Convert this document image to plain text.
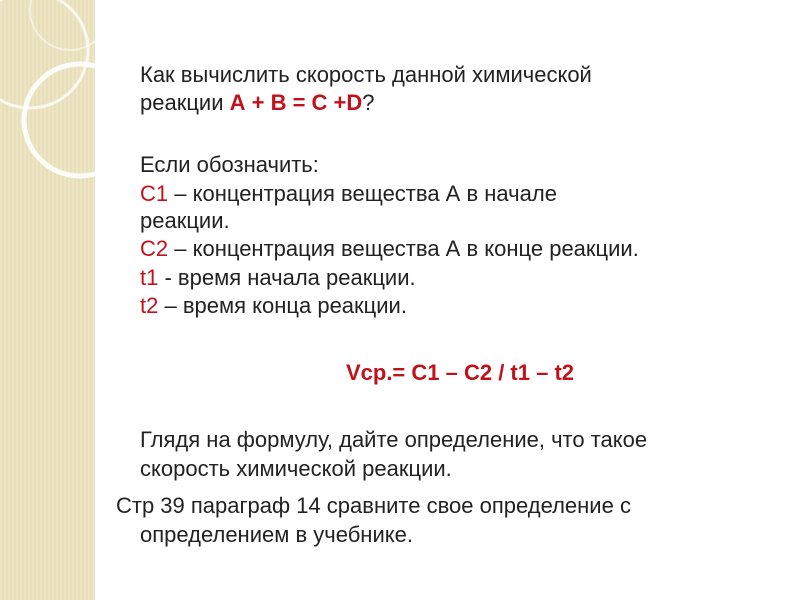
Как вычислить скорость данной химической
реакции А + В = С +D?
Если обозначить:
C1 – концентрация вещества А в начале
реакции.
C2 – концентрация вещества А в конце реакции.
t1 - время начала реакции.
t2 – время конца реакции.
Vср.= C1 – C2 / t1 – t2
Глядя на формулу, дайте определение, что такое
скорость химической реакции.
Стр 39 параграф 14 сравните свое определение с
определением в учебнике.
